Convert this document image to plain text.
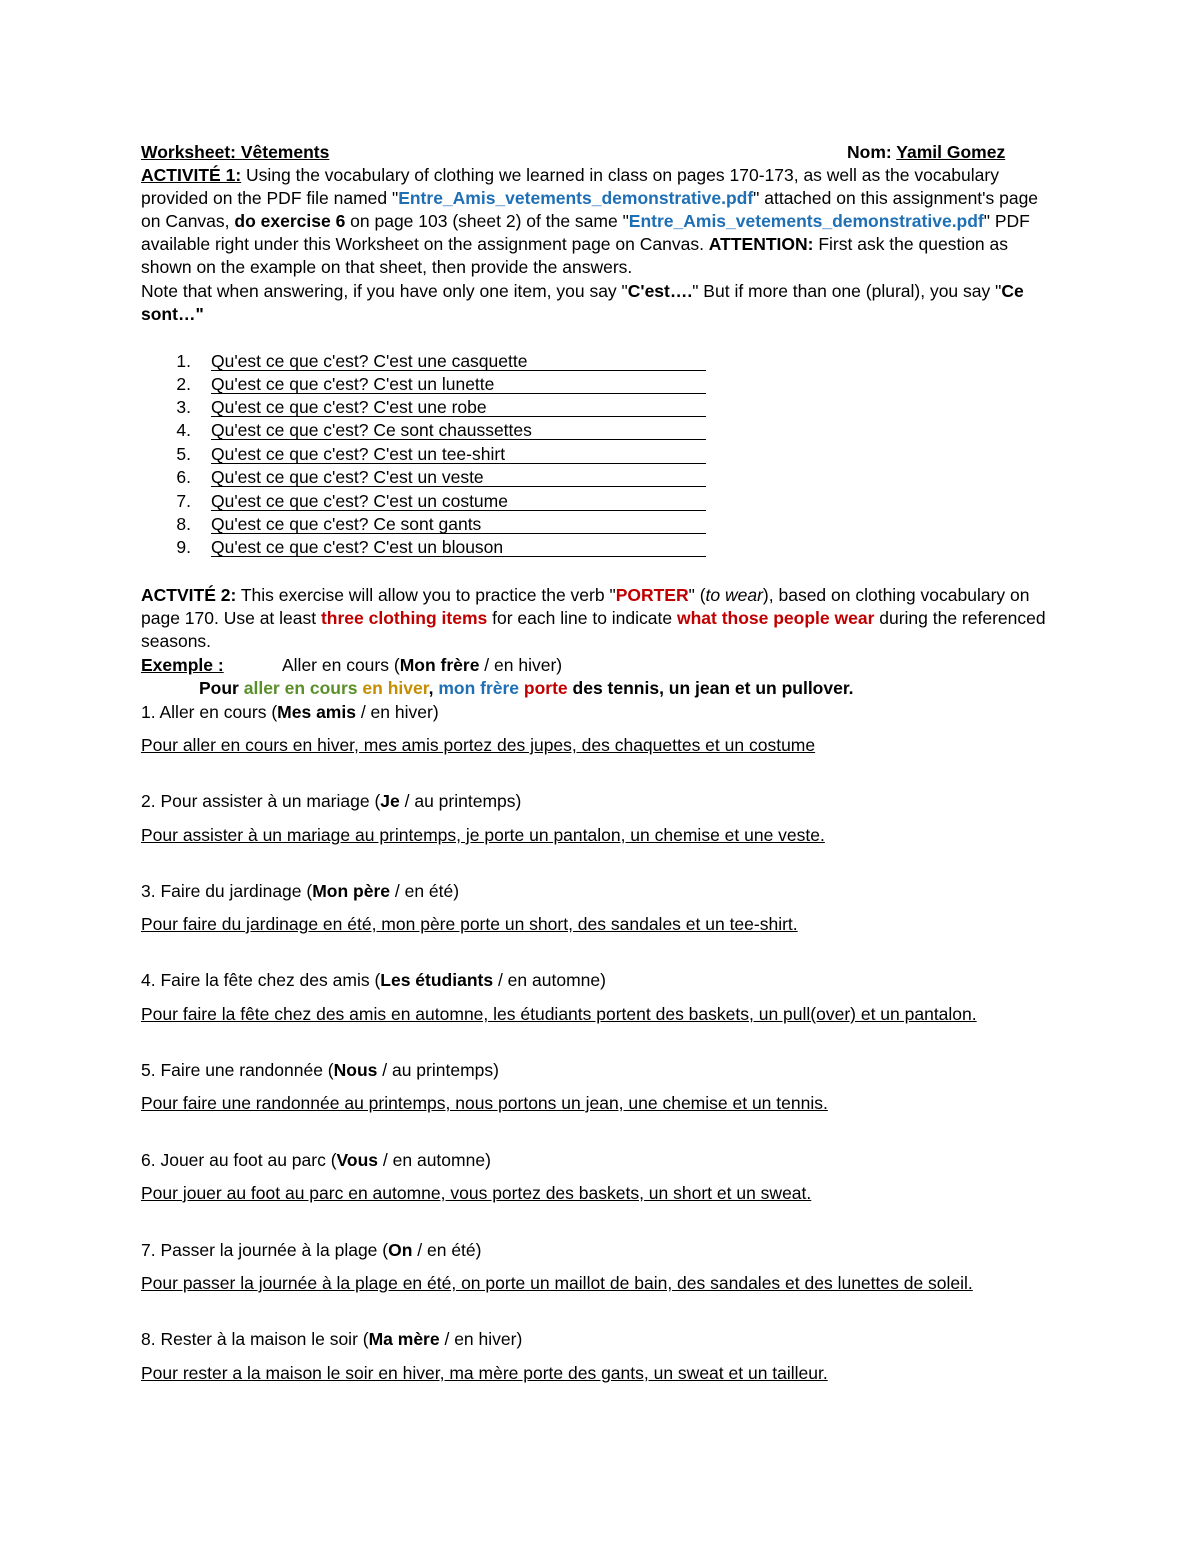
Worksheet: Vêtements	Nom: Yamil Gomez
ACTIVITÉ 1: Using the vocabulary of clothing we learned in class on pages 170-173, as well as the vocabulary
provided on the PDF file named "Entre_Amis_vetements_demonstrative.pdf" attached on this assignment's page
on Canvas, do exercise 6 on page 103 (sheet 2) of the same "Entre_Amis_vetements_demonstrative.pdf" PDF
available right under this Worksheet on the assignment page on Canvas. ATTENTION: First ask the question as
shown on the example on that sheet, then provide the answers.
Note that when answering, if you have only one item, you say "C'est…." But if more than one (plural), you say "Ce
sont…"
1. Qu'est ce que c'est? C'est une casquette
2. Qu'est ce que c'est? C'est un lunette
3. Qu'est ce que c'est? C'est une robe
4. Qu'est ce que c'est? Ce sont chaussettes
5. Qu'est ce que c'est? C'est un tee-shirt
6. Qu'est ce que c'est? C'est un veste
7. Qu'est ce que c'est? C'est un costume
8. Qu'est ce que c'est? Ce sont gants
9. Qu'est ce que c'est? C'est un blouson
ACTVITÉ 2: This exercise will allow you to practice the verb "PORTER" (to wear), based on clothing vocabulary on
page 170. Use at least three clothing items for each line to indicate what those people wear during the referenced
seasons.
Exemple :	Aller en cours (Mon frère / en hiver)
Pour aller en cours en hiver, mon frère porte des tennis, un jean et un pullover.
1. Aller en cours (Mes amis / en hiver)
Pour aller en cours en hiver, mes amis portez des jupes, des chaquettes et un costume
2. Pour assister à un mariage (Je / au printemps)
Pour assister à un mariage au printemps, je porte un pantalon, un chemise et une veste.
3. Faire du jardinage (Mon père / en été)
Pour faire du jardinage en été, mon père porte un short, des sandales et un tee-shirt.
4. Faire la fête chez des amis (Les étudiants / en automne)
Pour faire la fête chez des amis en automne, les étudiants portent des baskets, un pull(over) et un pantalon.
5. Faire une randonnée (Nous / au printemps)
Pour faire une randonnée au printemps, nous portons un jean, une chemise et un tennis.
6. Jouer au foot au parc (Vous / en automne)
Pour jouer au foot au parc en automne, vous portez des baskets, un short et un sweat.
7. Passer la journée à la plage (On / en été)
Pour passer la journée à la plage en été, on porte un maillot de bain, des sandales et des lunettes de soleil.
8. Rester à la maison le soir (Ma mère / en hiver)
Pour rester a la maison le soir en hiver, ma mère porte des gants, un sweat et un tailleur.
